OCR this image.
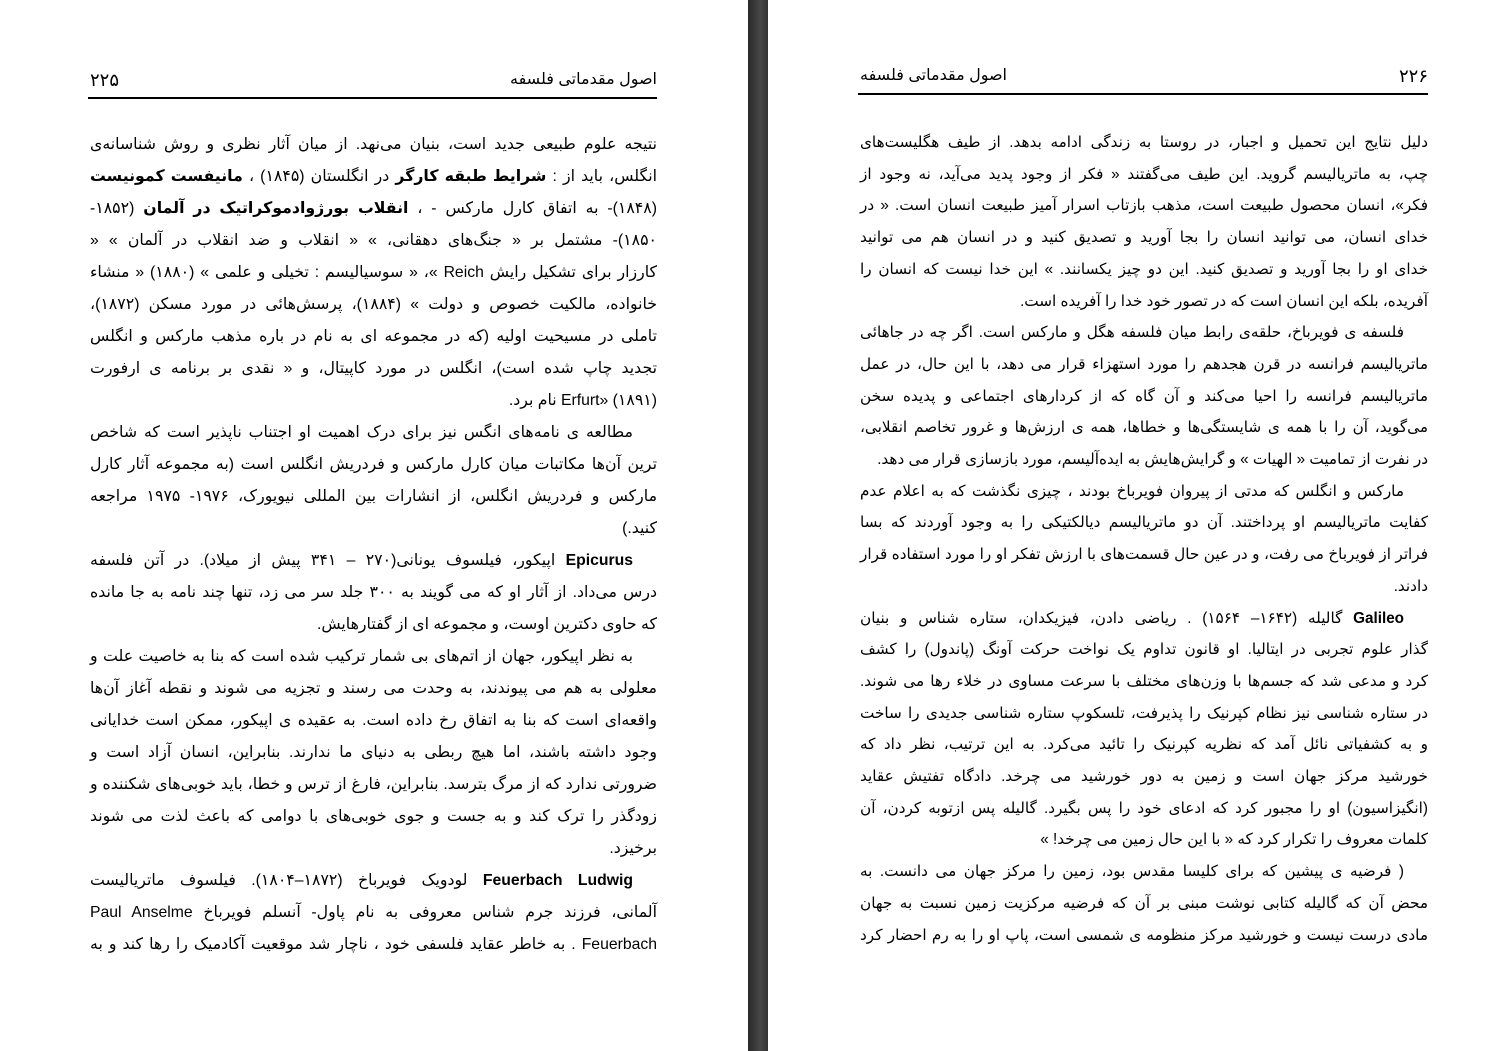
۲۲۵	اصول مقدماتی فلسفه
نتیجه علوم طبیعی جدید است، بنیان می‌نهد. از میان آثار نظری و روش شناسانه‌ی
انگلس، باید از : شرایط طبقه کارگر در انگلستان (۱۸۴۵) ، مانیفست کمونیست
(۱۸۴۸)- به اتفاق کارل مارکس - ، انقلاب بورژوادموکراتیک در آلمان (۱۸۵۲-
۱۸۵۰)- مشتمل بر « جنگ‌های دهقانی، » « انقلاب و ضد انقلاب در آلمان » «
کارزار برای تشکیل رایش Reich »، « سوسیالیسم : تخیلی و علمی » (۱۸۸۰) « منشاء
خانواده، مالکیت خصوص و دولت » (۱۸۸۴)، پرسش‌هائی در مورد مسکن (۱۸۷۲)،
تاملی در مسیحیت اولیه (که در مجموعه ای به نام در باره مذهب مارکس و انگلس
تجدید چاپ شده است)، انگلس در مورد کاپیتال، و « نقدی بر برنامه ی ارفورت
Erfurt» (۱۸۹۱) نام برد.
مطالعه ی نامه‌های انگس نیز برای درک اهمیت او اجتناب ناپذیر است که شاخص
ترین آن‌ها مکاتبات میان کارل مارکس و فردریش انگلس است (به مجموعه آثار کارل
مارکس و فردریش انگلس، از انشارات بین المللی نیویورک، ۱۹۷۶- ۱۹۷۵ مراجعه
کنید.)
Epicurus اپیکور، فیلسوف یونانی(۲۷۰ – ۳۴۱ پیش از میلاد). در آتن فلسفه
درس می‌داد. از آثار او که می گویند به ۳۰۰ جلد سر می زد، تنها چند نامه به جا مانده
که حاوی دکترین اوست، و مجموعه ای از گفتارهایش.
به نظر اپیکور، جهان از اتم‌های بی شمار ترکیب شده است که بنا به خاصیت علت و
معلولی به هم می پیوندند، به وحدت می رسند و تجزیه می شوند و نقطه آغاز آن‌ها
واقعه‌ای است که بنا به اتفاق رخ داده است. به عقیده ی اپیکور، ممکن است خدایانی
وجود داشته باشند، اما هیچ ربطی به دنیای ما ندارند. بنابراین، انسان آزاد است و
ضرورتی ندارد که از مرگ بترسد. بنابراین، فارغ از ترس و خطا، باید خوبی‌های شکننده و
زودگذر را ترک کند و به جست و جوی خوبی‌های با دوامی که باعث لذت می شوند
برخیزد.
Feuerbach Ludwig لودویک فویرباخ (۱۸۷۲–۱۸۰۴). فیلسوف ماتریالیست
آلمانی، فرزند جرم شناس معروفی به نام پاول- آنسلم فویرباخ Paul Anselme
Feuerbach . به خاطر عقاید فلسفی خود ، ناچار شد موقعیت آکادمیک را رها کند و به
۲۲۶
اصول مقدماتی فلسفه
دلیل نتایج این تحمیل و اجبار، در روستا به زندگی ادامه بدهد. از طیف هگلیست‌های
چپ، به ماتریالیسم گروید. این طیف می‌گفتند « فکر از وجود پدید می‌آید، نه وجود از
فکر»، انسان محصول طبیعت است، مذهب بازتاب اسرار آمیز طبیعت انسان است. « در
خدای انسان، می توانید انسان را بجا آورید و تصدیق کنید و در انسان هم می توانید
خدای او را بجا آورید و تصدیق کنید. این دو چیز یکسانند. » این خدا نیست که انسان را
آفریده، بلکه این انسان است که در تصور خود خدا را آفریده است.
فلسفه ی فویرباخ، حلقه‌ی رابط میان فلسفه هگل و مارکس است. اگر چه در جاهائی
ماتریالیسم فرانسه در قرن هجدهم را مورد استهزاء قرار می دهد، با این حال، در عمل
ماتریالیسم فرانسه را احیا می‌کند و آن گاه که از کردارهای اجتماعی و پدیده سخن
می‌گوید، آن را با همه ی شایستگی‌ها و خطاها، همه ی ارزش‌ها و غرور تخاصم انقلابی،
در نفرت از تمامیت « الهیات » و گرایش‌هایش به ایده‌آلیسم، مورد بازسازی قرار می دهد.
مارکس و انگلس که مدتی از پیروان فویرباخ بودند ، چیزی نگذشت که به اعلام عدم
کفایت ماتریالیسم او پرداختند. آن دو ماتریالیسم دیالکتیکی را به وجود آوردند که بسا
فراتر از فویرباخ می رفت، و در عین حال قسمت‌های با ارزش تفکر او را مورد استفاده قرار
دادند.
Galileo گالیله (۱۶۴۲– ۱۵۶۴) . ریاضی دادن، فیزیکدان، ستاره شناس و بنیان
گذار علوم تجربی در ایتالیا. او قانون تداوم یک نواخت حرکت آونگ (پاندول) را کشف
کرد و مدعی شد که جسم‌ها با وزن‌های مختلف با سرعت مساوی در خلاء رها می شوند.
در ستاره شناسی نیز نظام کپرنیک را پذیرفت، تلسکوپ ستاره شناسی جدیدی را ساخت
و به کشفیاتی نائل آمد که نظریه کپرنیک را تائید می‌کرد. به این ترتیب، نظر داد که
خورشید مرکز جهان است و زمین به دور خورشید می چرخد. دادگاه تفتیش عقاید
(انگیزاسیون) او را مجبور کرد که ادعای خود را پس بگیرد. گالیله پس ازتوبه کردن، آن
کلمات معروف را تکرار کرد که « با این حال زمین می چرخد! »
( فرضیه ی پیشین که برای کلیسا مقدس بود، زمین را مرکز جهان می دانست. به
محض آن که گالیله کتابی نوشت مبنی بر آن که فرضیه مرکزیت زمین نسبت به جهان
مادی درست نیست و خورشید مرکز منظومه ی شمسی است، پاپ او را به رم احضار کرد
